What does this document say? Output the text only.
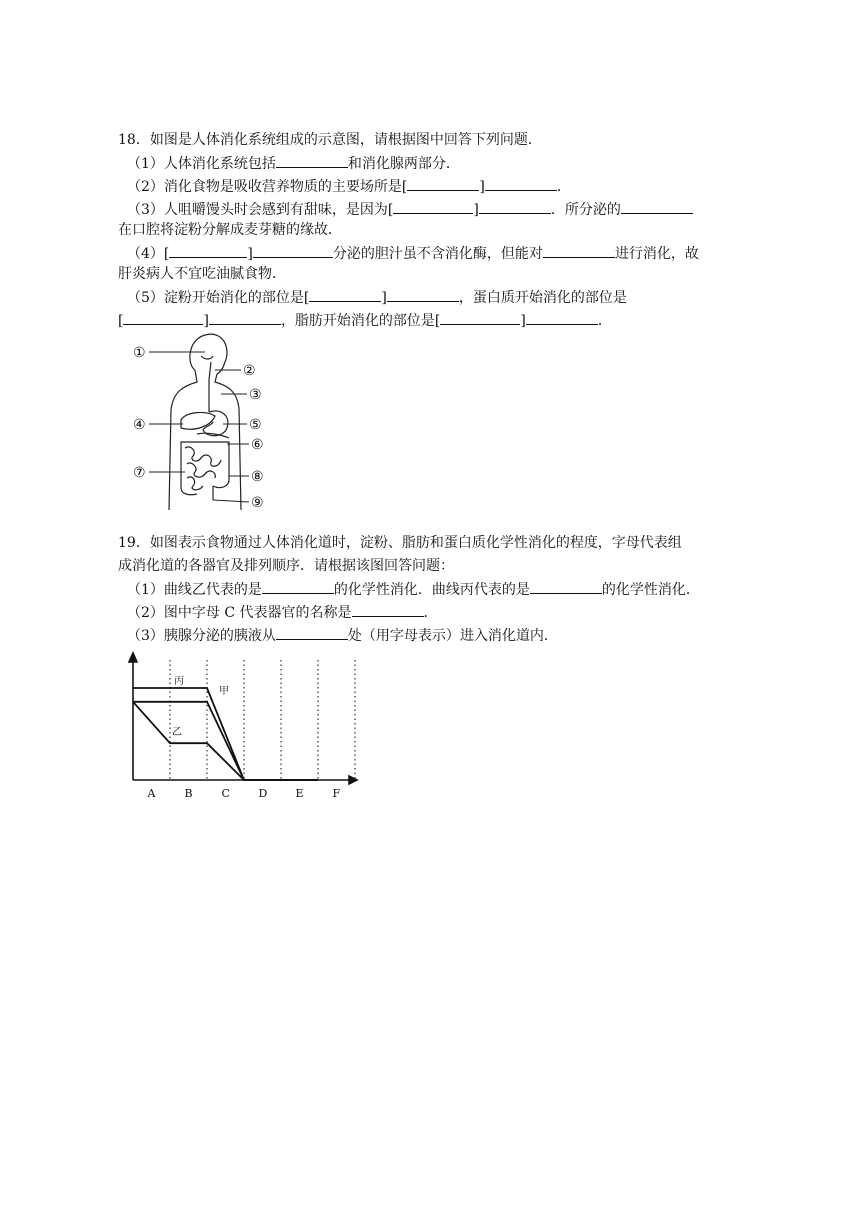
18．如图是人体消化系统组成的示意图，请根据图中回答下列问题．
（1）人体消化系统包括	和消化腺两部分．
（2）消化食物是吸收营养物质的主要场所是[	]	．
（3）人咀嚼馒头时会感到有甜味，是因为[	]	．所分泌的
在口腔将淀粉分解成麦芽糖的缘故．
（4）[	]	分泌的胆汁虽不含消化酶，但能对	进行消化，故
肝炎病人不宜吃油腻食物．
（5）淀粉开始消化的部位是[	]	，蛋白质开始消化的部位是
[	]	，脂肪开始消化的部位是[	]	．
①
②
③
④	⑤
⑥
⑦	⑧
⑨
19．如图表示食物通过人体消化道时，淀粉、脂肪和蛋白质化学性消化的程度，字母代表组
成消化道的各器官及排列顺序．请根据该图回答问题：
（1）曲线乙代表的是	的化学性消化．曲线丙代表的是	的化学性消化．
（2）图中字母 C 代表器官的名称是	．
（3）胰腺分泌的胰液从	处（用字母表示）进入消化道内．
丙
甲
乙
A	B	C	D	E	F
